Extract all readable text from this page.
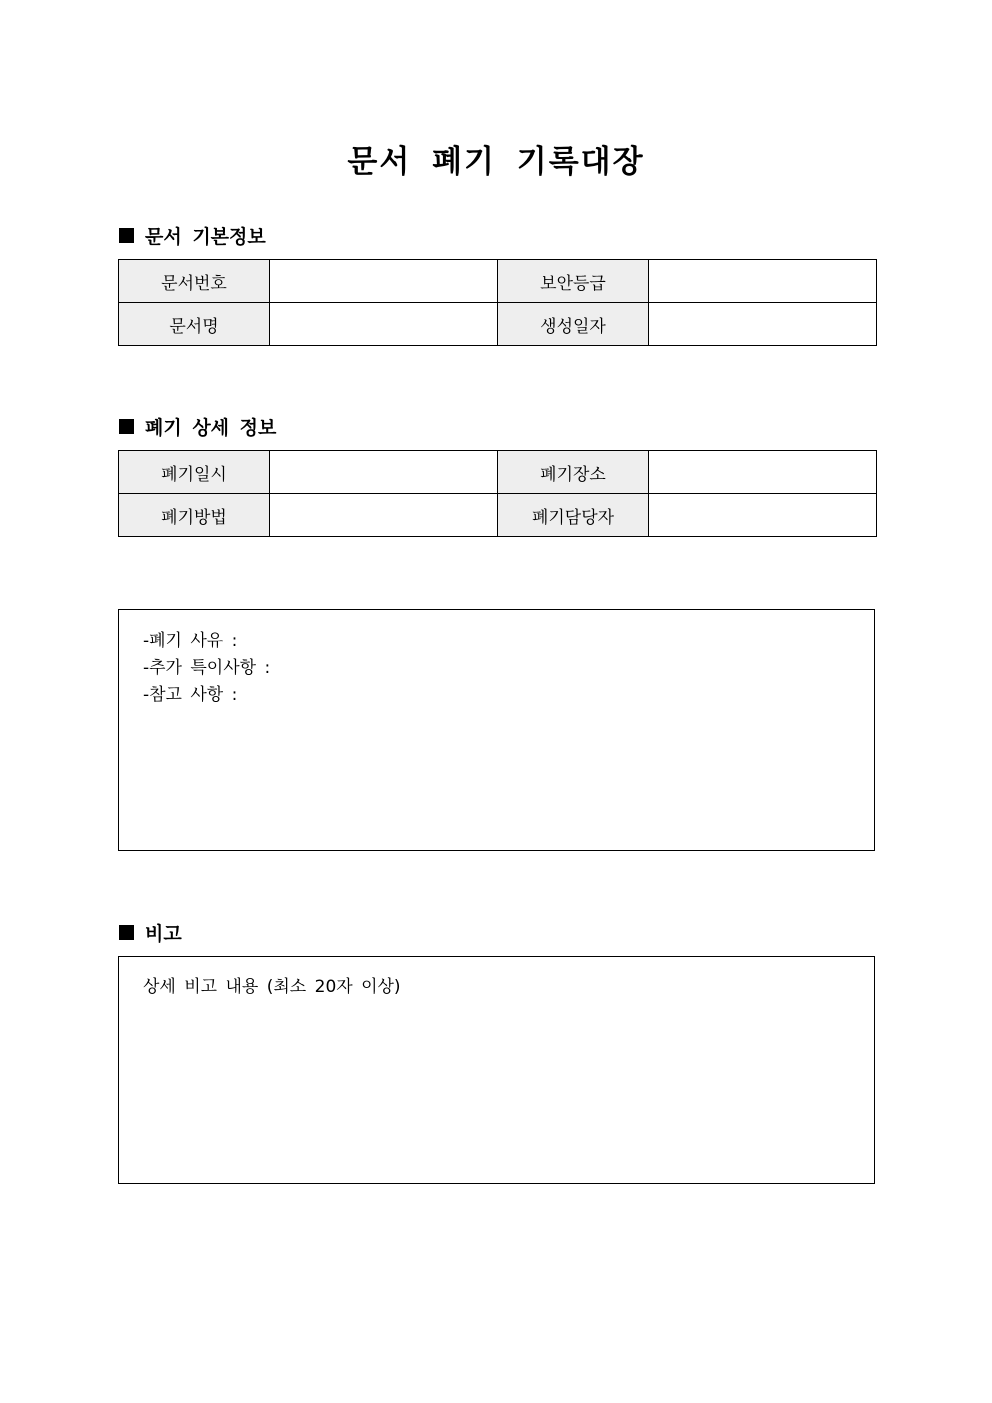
문서 폐기 기록대장
문서 기본정보
문서번호		보안등급	
문서명		생성일자	
폐기 상세 정보
폐기일시		폐기장소	
폐기방법		폐기담당자	
-폐기 사유 :
-추가 특이사항 :
-참고 사항 :
비고
상세 비고 내용 (최소 20자 이상)
